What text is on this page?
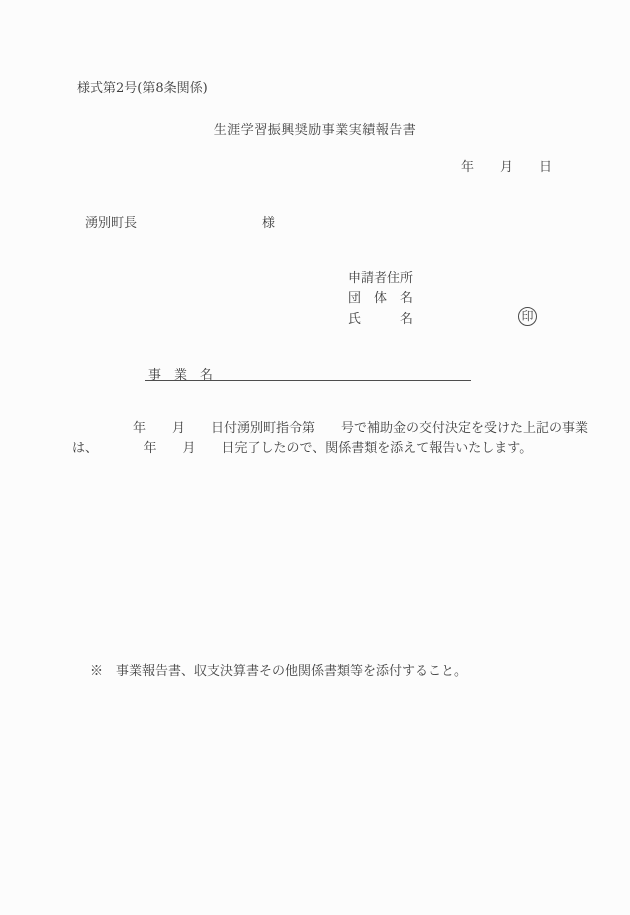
様式第2号(第8条関係)
生涯学習振興奨励事業実績報告書
年　　月　　日
湧別町長	様
申請者住所
団　体　名
氏　　　名	印
事　業　名
年　　月　　日付湧別町指令第　　号で補助金の交付決定を受けた上記の事業
は、　　　　年　　月　　日完了したので、関係書類を添えて報告いたします。
※　事業報告書、収支決算書その他関係書類等を添付すること。
